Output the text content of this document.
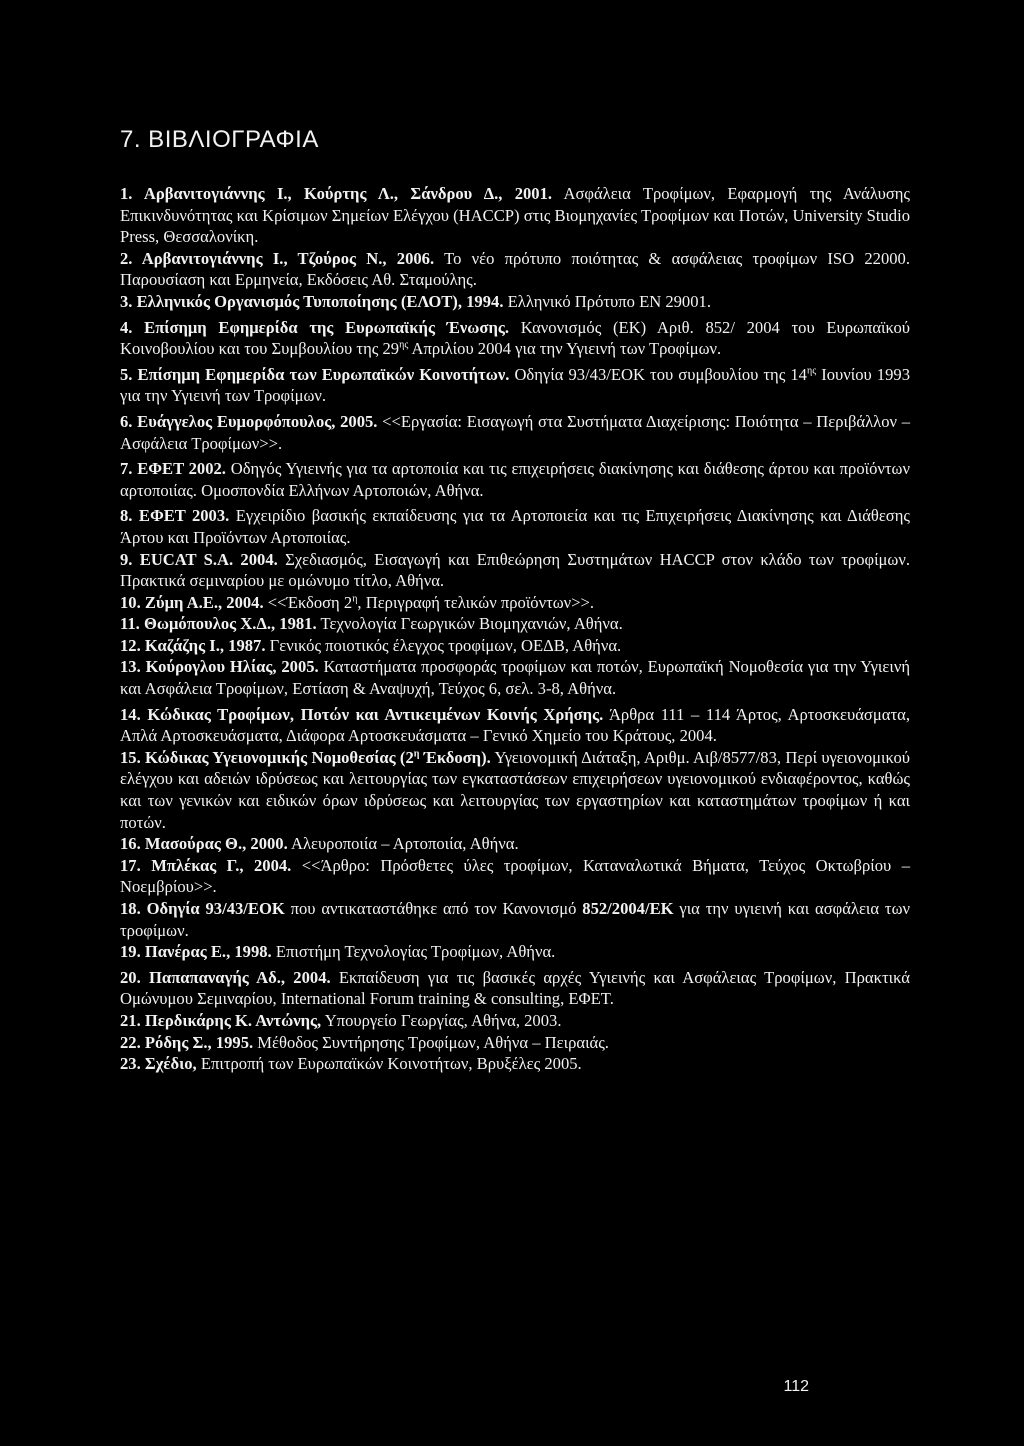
7. ΒΙΒΛΙΟΓΡΑΦΙΑ

1. Αρβανιτογιάννης Ι., Κούρτης Λ., Σάνδρου Δ., 2001. Ασφάλεια Τροφίμων, Εφαρμογή της Ανάλυσης Επικινδυνότητας και Κρίσιμων Σημείων Ελέγχου (HACCP) στις Βιομηχανίες Τροφίμων και Ποτών, University Studio Press, Θεσσαλονίκη.

2. Αρβανιτογιάννης Ι., Τζούρος Ν., 2006. Το νέο πρότυπο ποιότητας & ασφάλειας τροφίμων ISO 22000. Παρουσίαση και Ερμηνεία, Εκδόσεις Αθ. Σταμούλης.

3. Ελληνικός Οργανισμός Τυποποίησης (ΕΛΟΤ), 1994. Ελληνικό Πρότυπο ΕΝ 29001.

4. Επίσημη Εφημερίδα της Ευρωπαϊκής Ένωσης. Κανονισμός (ΕΚ) Αριθ. 852/ 2004 του Ευρωπαϊκού Κοινοβουλίου και του Συμβουλίου της $29^{\eta\varsigma}$ Απριλίου 2004 για την Υγιεινή των Τροφίμων.

5. Επίσημη Εφημερίδα των Ευρωπαϊκών Κοινοτήτων. Οδηγία 93/43/ΕΟΚ του συμβουλίου της $14^{\eta\varsigma}$ Ιουνίου 1993 για την Υγιεινή των Τροφίμων.

6. Ευάγγελος Ευμορφόπουλος, 2005. <<Εργασία: Εισαγωγή στα Συστήματα Διαχείρισης: Ποιότητα – Περιβάλλον – Ασφάλεια Τροφίμων>>.

7. ΕΦΕΤ 2002. Οδηγός Υγιεινής για τα αρτοποιία και τις επιχειρήσεις διακίνησης και διάθεσης άρτου και προϊόντων αρτοποιίας. Ομοσπονδία Ελλήνων Αρτοποιών, Αθήνα.

8. ΕΦΕΤ 2003. Εγχειρίδιο βασικής εκπαίδευσης για τα Αρτοποιεία και τις Επιχειρήσεις Διακίνησης και Διάθεσης Άρτου και Προϊόντων Αρτοποιίας.

9. EUCAT S.A. 2004. Σχεδιασμός, Εισαγωγή και Επιθεώρηση Συστημάτων HACCP στον κλάδο των τροφίμων. Πρακτικά σεμιναρίου με ομώνυμο τίτλο, Αθήνα.

10. Ζύμη Α.Ε., 2004. <<Έκδοση $2^\eta$, Περιγραφή τελικών προϊόντων>>.

11. Θωμόπουλος Χ.Δ., 1981. Τεχνολογία Γεωργικών Βιομηχανιών, Αθήνα.

12. Καζάζης Ι., 1987. Γενικός ποιοτικός έλεγχος τροφίμων, ΟΕΔΒ, Αθήνα.

13. Κούρογλου Ηλίας, 2005. Καταστήματα προσφοράς τροφίμων και ποτών, Ευρωπαϊκή Νομοθεσία για την Υγιεινή και Ασφάλεια Τροφίμων, Εστίαση & Αναψυχή, Τεύχος 6, σελ. 3-8, Αθήνα.

14. Κώδικας Τροφίμων, Ποτών και Αντικειμένων Κοινής Χρήσης. Άρθρα 111 – 114 Άρτος, Αρτοσκευάσματα, Απλά Αρτοσκευάσματα, Διάφορα Αρτοσκευάσματα – Γενικό Χημείο του Κράτους, 2004.

15. Κώδικας Υγειονομικής Νομοθεσίας ($2^\eta$ Έκδοση). Υγειονομική Διάταξη, Αριθμ. Αιβ/8577/83, Περί υγειονομικού ελέγχου και αδειών ιδρύσεως και λειτουργίας των εγκαταστάσεων επιχειρήσεων υγειονομικού ενδιαφέροντος, καθώς και των γενικών και ειδικών όρων ιδρύσεως και λειτουργίας των εργαστηρίων και καταστημάτων τροφίμων ή και ποτών.

16. Μασούρας Θ., 2000. Αλευροποιία – Αρτοποιία, Αθήνα.

17. Μπλέκας Γ., 2004. <<Άρθρο: Πρόσθετες ύλες τροφίμων, Καταναλωτικά Βήματα, Τεύχος Οκτωβρίου – Νοεμβρίου>>.

18. Οδηγία 93/43/ΕΟΚ που αντικαταστάθηκε από τον Κανονισμό 852/2004/ΕΚ για την υγιεινή και ασφάλεια των τροφίμων.

19. Πανέρας Ε., 1998. Επιστήμη Τεχνολογίας Τροφίμων, Αθήνα.

20. Παπαπαναγής Αδ., 2004. Εκπαίδευση για τις βασικές αρχές Υγιεινής και Ασφάλειας Τροφίμων, Πρακτικά Ομώνυμου Σεμιναρίου, International Forum training & consulting, ΕΦΕΤ.

21. Περδικάρης Κ. Αντώνης, Υπουργείο Γεωργίας, Αθήνα, 2003.

22. Ρόδης Σ., 1995. Μέθοδος Συντήρησης Τροφίμων, Αθήνα – Πειραιάς.

23. Σχέδιο, Επιτροπή των Ευρωπαϊκών Κοινοτήτων, Βρυξέλες 2005.

112
